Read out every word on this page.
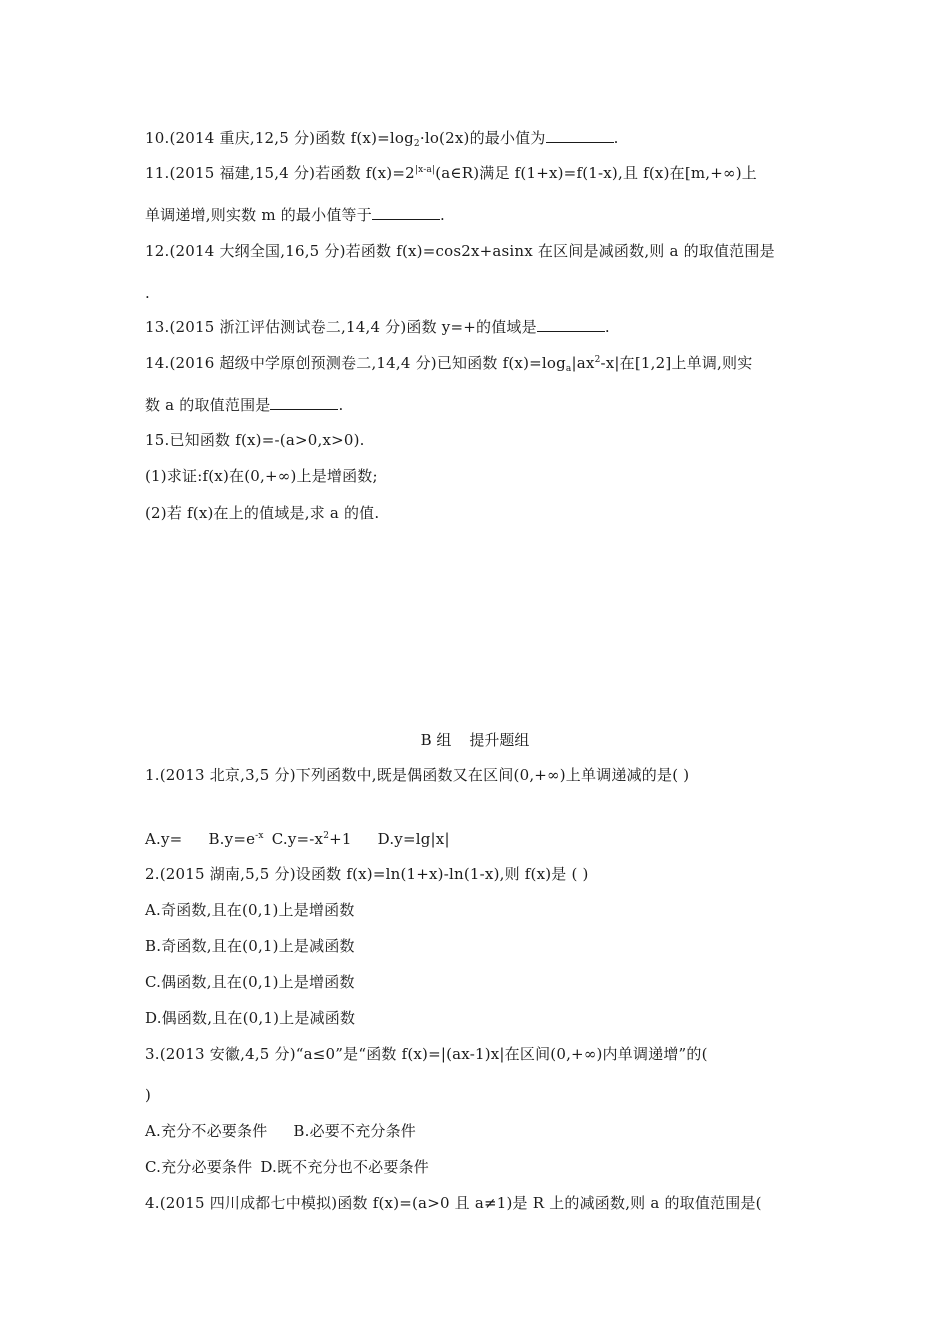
10.(2014 重庆,12,5 分)函数 $f(x)=\log_2\cdot lo(2x)$的最小值为	.
11.(2015 福建,15,4 分)若函数 $f(x)=2^{|x-a|}(a\in R)$满足 f(1+x)=f(1-x),且 f(x)在[m,+∞)上
单调递增,则实数 m 的最小值等于	.
12.(2014 大纲全国,16,5 分)若函数 f(x)=cos2x+asinx 在区间是减函数,则 a 的取值范围是
.
13.(2015 浙江评估测试卷二,14,4 分)函数 y=+的值域是	.
14.(2016 超级中学原创预测卷二,14,4 分)已知函数 $f(x)=\log_a|ax^2-x|$在[1,2]上单调,则实
数 a 的取值范围是	.
15.已知函数 f(x)=-(a>0,x>0).
(1)求证:f(x)在(0,+∞)上是增函数;
(2)若 f(x)在上的值域是,求 a 的值.
B 组 提升题组
1.(2013 北京,3,5 分)下列函数中,既是偶函数又在区间(0,+∞)上单调递减的是( )
$A.y= B.y=e^{-x}$ $C.y=-x^2+1$ D.y=lg|x|
2.(2015 湖南,5,5 分)设函数 f(x)=ln(1+x)-ln(1-x),则 f(x)是 ( )
A.奇函数,且在(0,1)上是增函数
B.奇函数,且在(0,1)上是减函数
C.偶函数,且在(0,1)上是增函数
D.偶函数,且在(0,1)上是减函数
3.(2013 安徽,4,5 分)“a≤0”是“函数 f(x)=|(ax-1)x|在区间(0,+∞)内单调递增”的(
)
A.充分不必要条件 B.必要不充分条件
C.充分必要条件 D.既不充分也不必要条件
4.(2015 四川成都七中模拟)函数 f(x)=(a>0 且 a≠1)是 R 上的减函数,则 a 的取值范围是(
